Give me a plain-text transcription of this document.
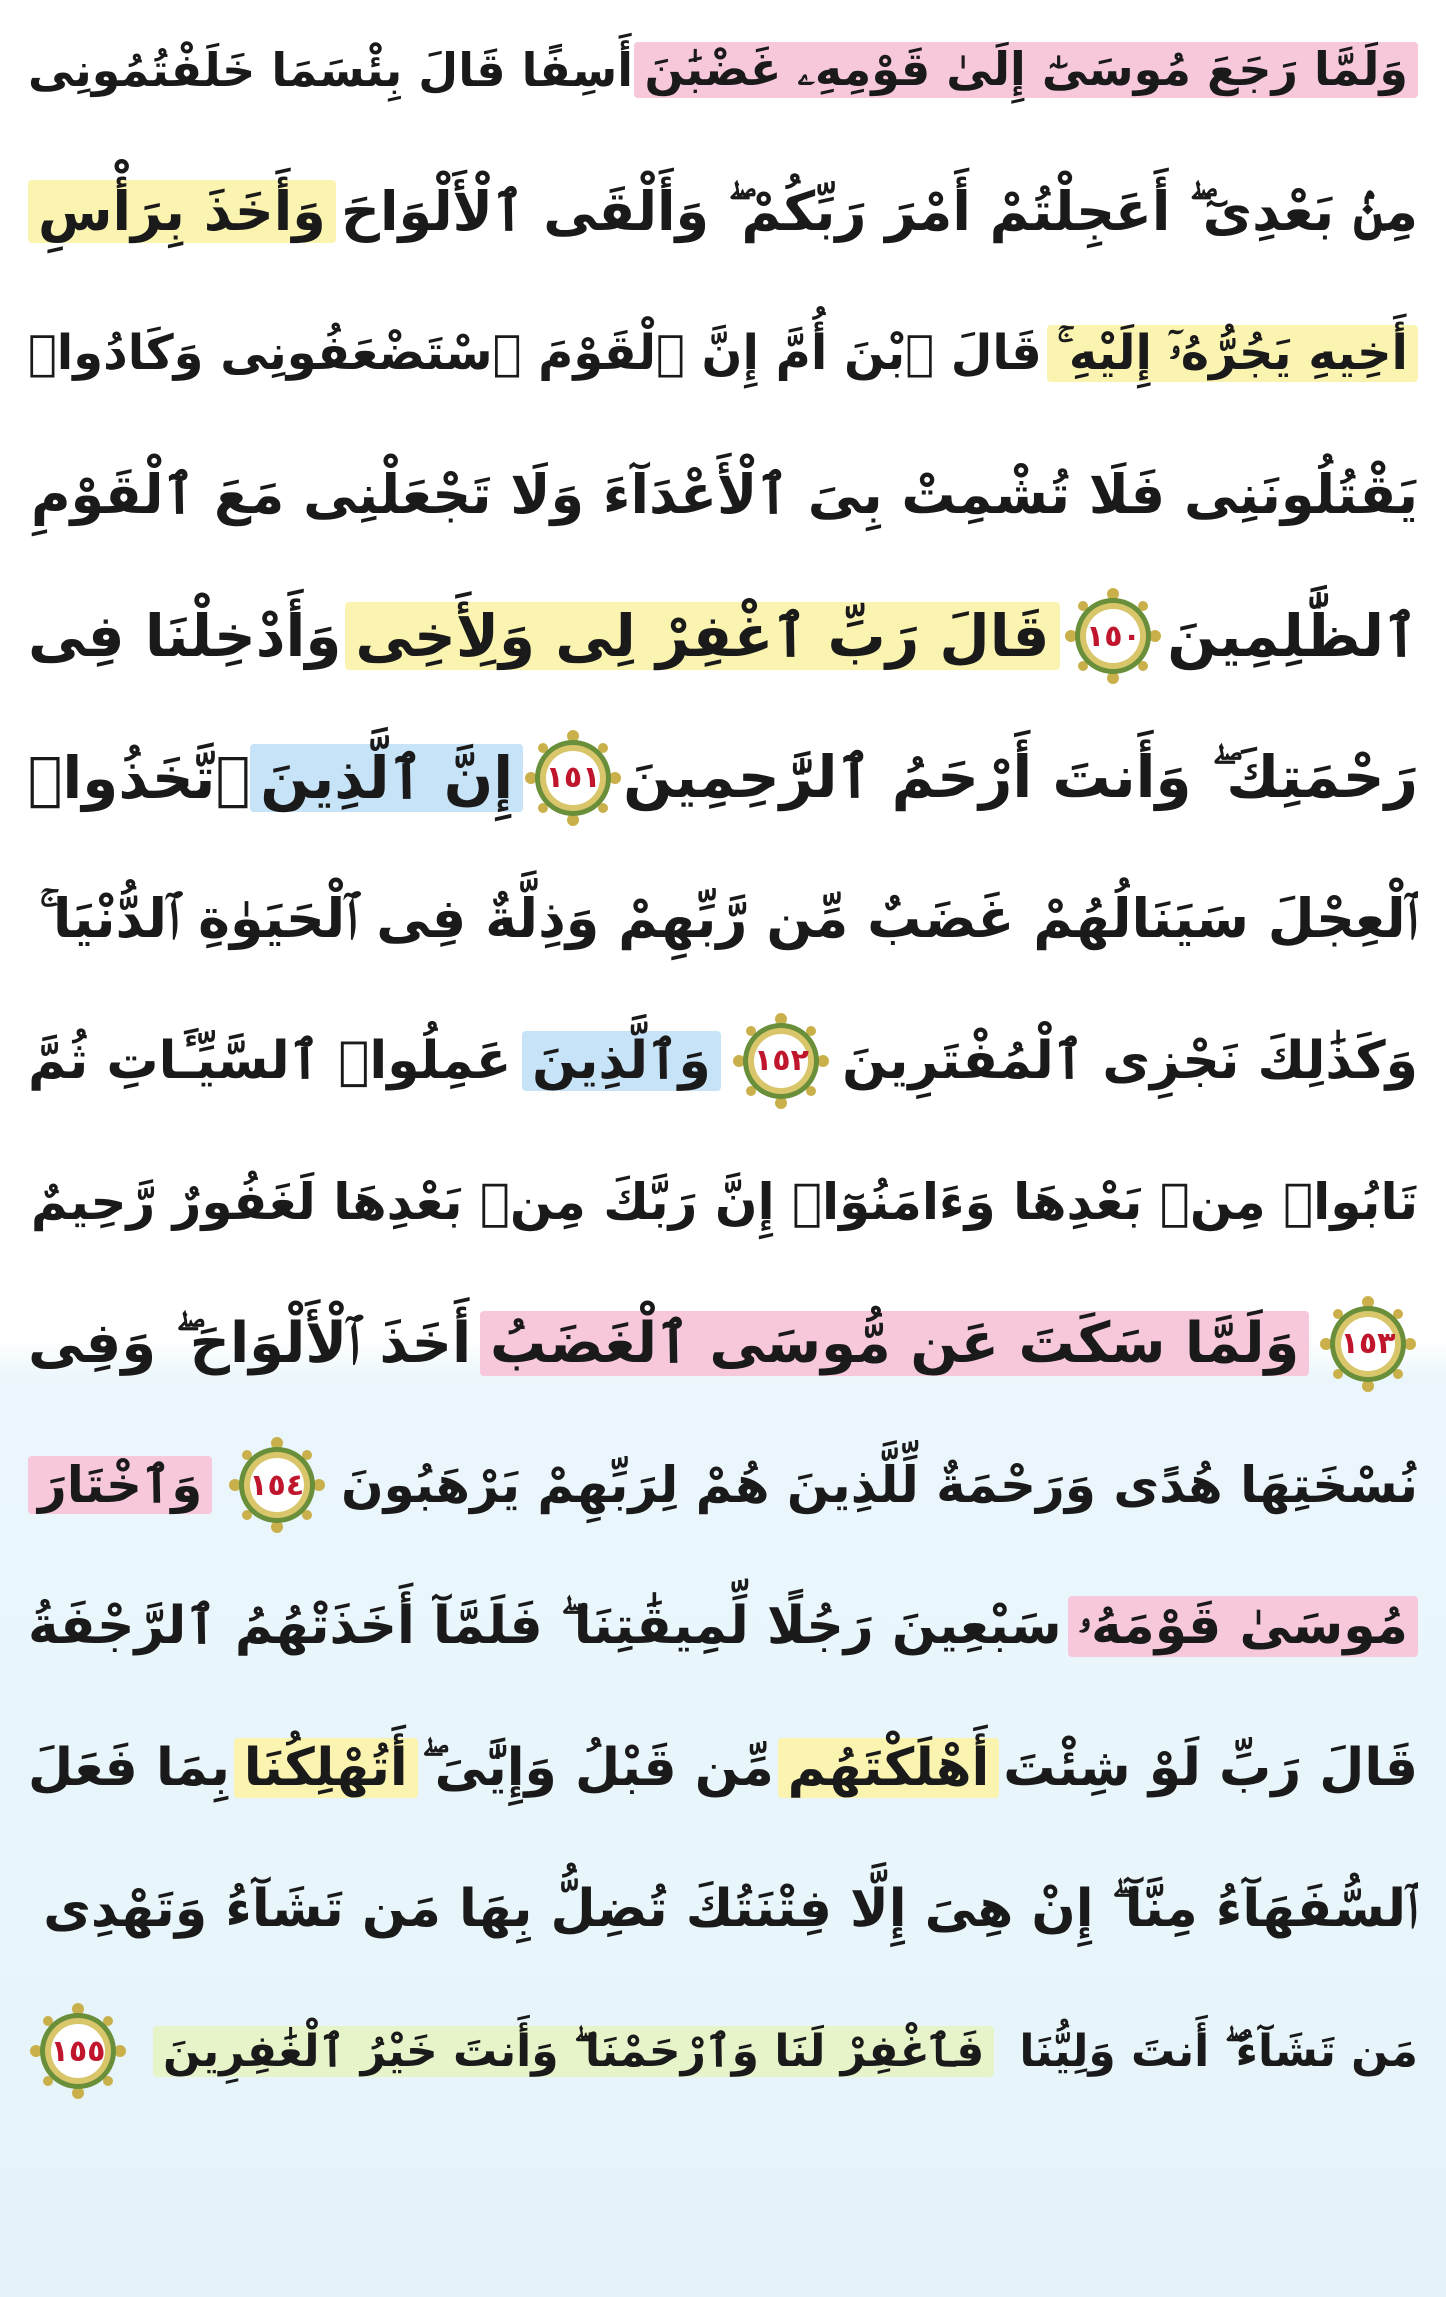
وَلَمَّا رَجَعَ مُوسَىٰٓ إِلَىٰ قَوْمِهِۦ غَضْبَٰنَ
أَسِفًا قَالَ بِئْسَمَا خَلَفْتُمُونِى
مِنۢ بَعْدِىٓ ۖ أَعَجِلْتُمْ أَمْرَ رَبِّكُمْ ۖ وَأَلْقَى ٱلْأَلْوَاحَ
وَأَخَذَ بِرَأْسِ
أَخِيهِ يَجُرُّهُۥٓ إِلَيْهِ ۚ
قَالَ ٱبْنَ أُمَّ إِنَّ ٱلْقَوْمَ ٱسْتَضْعَفُونِى وَكَادُوا۟
يَقْتُلُونَنِى فَلَا تُشْمِتْ بِىَ ٱلْأَعْدَآءَ وَلَا تَجْعَلْنِى مَعَ ٱلْقَوْمِ
ٱلظَّٰلِمِينَ
١٥٠
قَالَ رَبِّ ٱغْفِرْ لِى وَلِأَخِى
وَأَدْخِلْنَا فِى
رَحْمَتِكَ ۖ وَأَنتَ أَرْحَمُ ٱلرَّٰحِمِينَ
١٥١
إِنَّ ٱلَّذِينَ
ٱتَّخَذُوا۟
ٱلْعِجْلَ سَيَنَالُهُمْ غَضَبٌ مِّن رَّبِّهِمْ وَذِلَّةٌ فِى ٱلْحَيَوٰةِ ٱلدُّنْيَا ۚ
وَكَذَٰلِكَ نَجْزِى ٱلْمُفْتَرِينَ
١٥٢
وَٱلَّذِينَ
عَمِلُوا۟ ٱلسَّيِّـَٔاتِ ثُمَّ
تَابُوا۟ مِنۢ بَعْدِهَا وَءَامَنُوٓا۟ إِنَّ رَبَّكَ مِنۢ بَعْدِهَا لَغَفُورٌ رَّحِيمٌ
١٥٣
وَلَمَّا سَكَتَ عَن مُّوسَى ٱلْغَضَبُ
أَخَذَ ٱلْأَلْوَاحَ ۖ وَفِى
نُسْخَتِهَا هُدًى وَرَحْمَةٌ لِّلَّذِينَ هُمْ لِرَبِّهِمْ يَرْهَبُونَ
١٥٤
وَٱخْتَارَ
مُوسَىٰ قَوْمَهُۥ
سَبْعِينَ رَجُلًا لِّمِيقَٰتِنَا ۖ فَلَمَّآ أَخَذَتْهُمُ ٱلرَّجْفَةُ
قَالَ رَبِّ لَوْ شِئْتَ
أَهْلَكْتَهُم
مِّن قَبْلُ وَإِيَّٰىَ ۖ
أَتُهْلِكُنَا
بِمَا فَعَلَ
ٱلسُّفَهَآءُ مِنَّآ ۖ إِنْ هِىَ إِلَّا فِتْنَتُكَ تُضِلُّ بِهَا مَن تَشَآءُ وَتَهْدِى
مَن تَشَآءُ ۖ أَنتَ وَلِيُّنَا
فَٱغْفِرْ لَنَا وَٱرْحَمْنَا ۖ وَأَنتَ خَيْرُ ٱلْغَٰفِرِينَ
١٥٥
